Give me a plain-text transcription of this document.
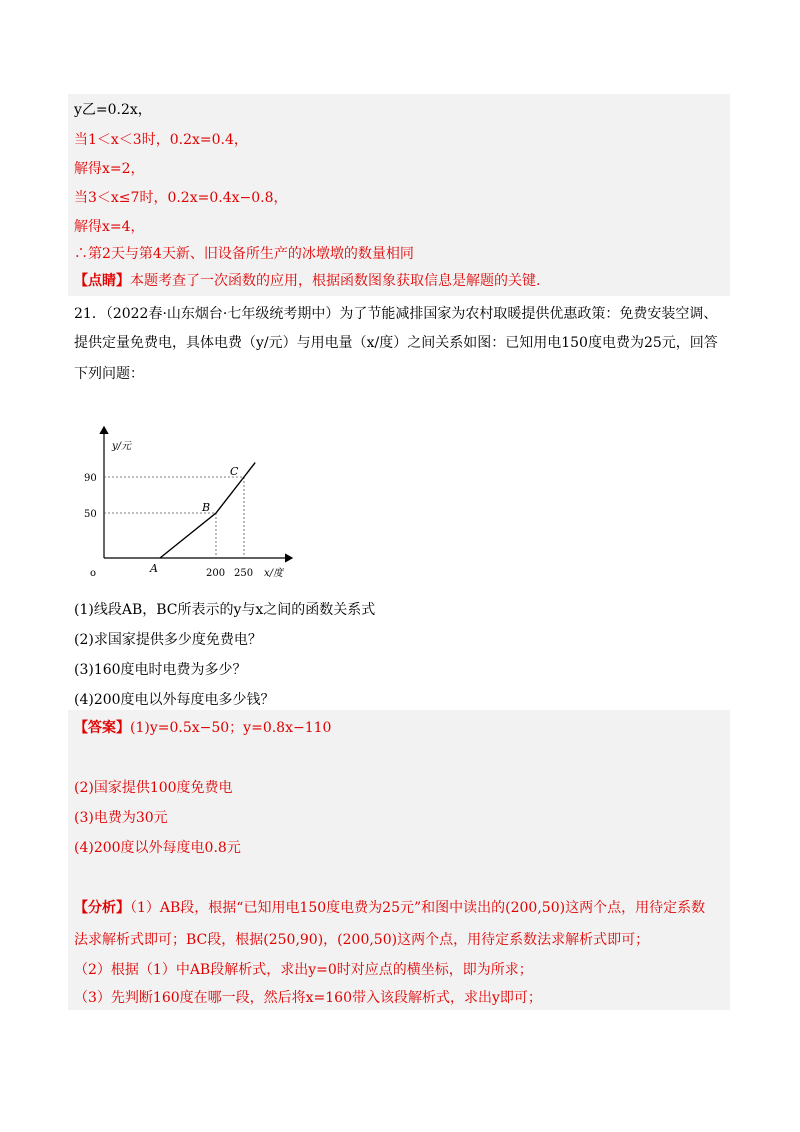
y乙=0.2x，
当1＜x＜3时，0.2x=0.4，
解得x=2，
当3＜x≤7时，0.2x=0.4x−0.8，
解得x=4，
∴第2天与第4天新、旧设备所生产的冰墩墩的数量相同
【点睛】本题考查了一次函数的应用，根据函数图象获取信息是解题的关键.
21．（2022春·山东烟台·七年级统考期中）为了节能减排国家为农村取暖提供优惠政策：免费安装空调、
提供定量免费电，具体电费（y/元）与用电量（x/度）之间关系如图：已知用电150度电费为25元，回答
下列问题：
o	x/度
y/元
200 250
50
90
A
B
C
(1)线段AB，BC所表示的y与x之间的函数关系式
(2)求国家提供多少度免费电？
(3)160度电时电费为多少？
(4)200度电以外每度电多少钱？
【答案】(1)y=0.5x−50；y=0.8x−110
(2)国家提供100度免费电
(3)电费为30元
(4)200度以外每度电0.8元
【分析】（1）AB段，根据“已知用电150度电费为25元”和图中读出的(200,50)这两个点，用待定系数
法求解析式即可；BC段，根据(250,90)，(200,50)这两个点，用待定系数法求解析式即可；
（2）根据（1）中AB段解析式，求出y=0时对应点的横坐标，即为所求；
（3）先判断160度在哪一段，然后将x=160带入该段解析式，求出y即可；
